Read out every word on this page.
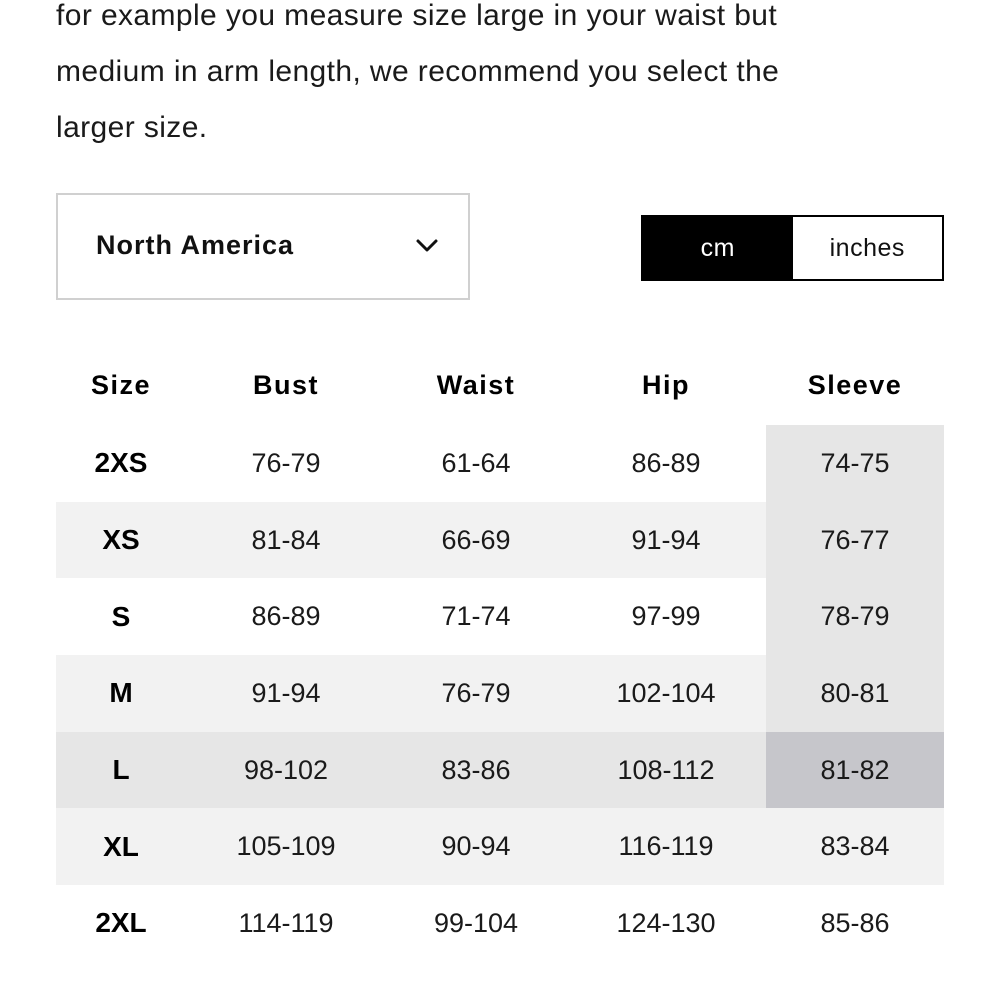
for example you measure size large in your waist but
medium in arm length, we recommend you select the
larger size.
North America	cm	inches
Size	Bust	Waist	Hip	Sleeve
2XS	76-79	61-64	86-89	74-75
XS	81-84	66-69	91-94	76-77
S	86-89	71-74	97-99	78-79
M	91-94	76-79	102-104	80-81
L	98-102	83-86	108-112	81-82
XL	105-109	90-94	116-119	83-84
2XL	114-119	99-104	124-130	85-86
